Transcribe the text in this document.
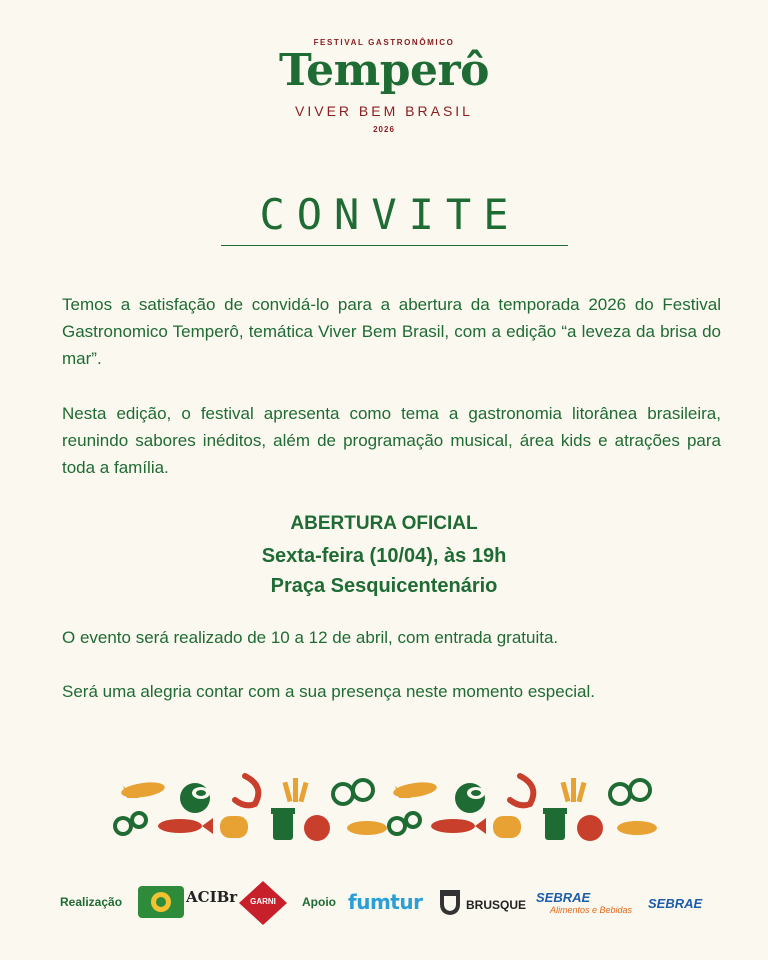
FESTIVAL GASTRONÔMICO
Temperô
VIVER BEM BRASIL
2026
CONVITE

Temos a satisfação de convidá-lo para a abertura da temporada 2026 do Festival Gastronomico Temperô, temática Viver Bem Brasil, com a edição “a leveza da brisa do mar”.

Nesta edição, o festival apresenta como tema a gastronomia litorânea brasileira, reunindo sabores inéditos, além de programação musical, área kids e atrações para toda a família.

ABERTURA OFICIAL
Sexta-feira (10/04), às 19h
Praça Sesquicentenário
O evento será realizado de 10 a 12 de abril, com entrada gratuita.
Será uma alegria contar com a sua presença neste momento especial.
Realização	ACIBr	GARNI	Apoio fumtur	BRUSQUE SEBRAE
Alimentos e Bebidas SEBRAE
